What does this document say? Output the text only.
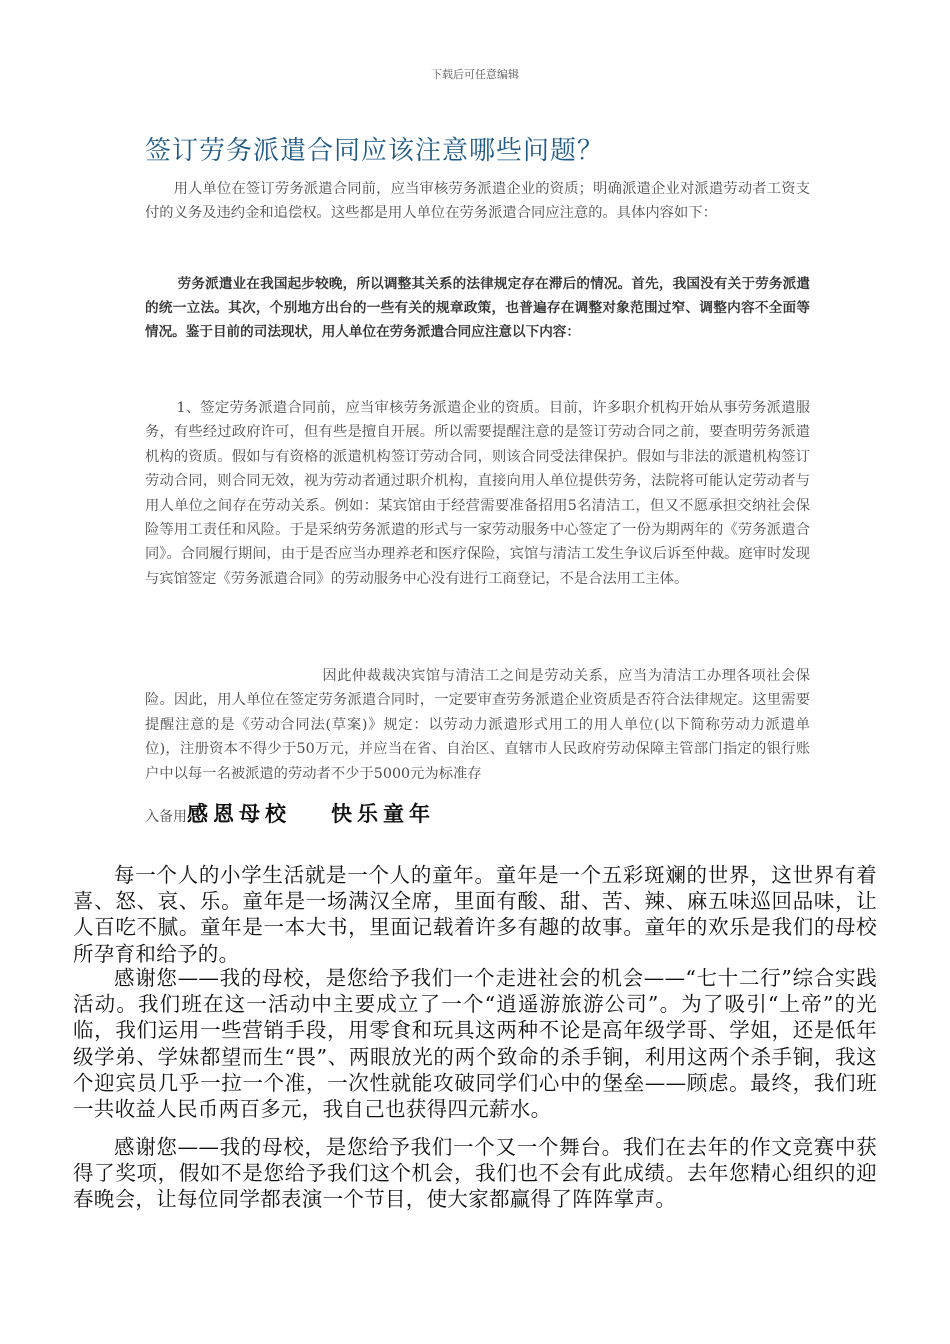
下载后可任意编辑
签订劳务派遣合同应该注意哪些问题？

用人单位在签订劳务派遣合同前，应当审核劳务派遣企业的资质；明确派遣企业对派遣劳动者工资支付的义务及违约金和追偿权。这些都是用人单位在劳务派遣合同应注意的。具体内容如下：

劳务派遣业在我国起步较晚，所以调整其关系的法律规定存在滞后的情况。首先，我国没有关于劳务派遣的统一立法。其次，个别地方出台的一些有关的规章政策，也普遍存在调整对象范围过窄、调整内容不全面等情况。鉴于目前的司法现状，用人单位在劳务派遣合同应注意以下内容：

1、签定劳务派遣合同前，应当审核劳务派遣企业的资质。目前，许多职介机构开始从事劳务派遣服务，有些经过政府许可，但有些是擅自开展。所以需要提醒注意的是签订劳动合同之前，要查明劳务派遣机构的资质。假如与有资格的派遣机构签订劳动合同，则该合同受法律保护。假如与非法的派遣机构签订劳动合同，则合同无效，视为劳动者通过职介机构，直接向用人单位提供劳务，法院将可能认定劳动者与用人单位之间存在劳动关系。例如：某宾馆由于经营需要准备招用5名清洁工，但又不愿承担交纳社会保险等用工责任和风险。于是采纳劳务派遣的形式与一家劳动服务中心签定了一份为期两年的《劳务派遣合同》。合同履行期间，由于是否应当办理养老和医疗保险，宾馆与清洁工发生争议后诉至仲裁。庭审时发现与宾馆签定《劳务派遣合同》的劳动服务中心没有进行工商登记，不是合法用工主体。

因此仲裁裁决宾馆与清洁工之间是劳动关系，应当为清洁工办理各项社会保险。因此，用人单位在签定劳务派遣合同时，一定要审查劳务派遣企业资质是否符合法律规定。这里需要提醒注意的是《劳动合同法(草案)》规定：以劳动力派遣形式用工的用人单位(以下简称劳动力派遣单位)，注册资本不得少于50万元，并应当在省、自治区、直辖市人民政府劳动保障主管部门指定的银行账户中以每一名被派遣的劳动者不少于5000元为标准存

入备用感恩母校 快乐童年

每一个人的小学生活就是一个人的童年。童年是一个五彩斑斓的世界，这世界有着喜、怒、哀、乐。童年是一场满汉全席，里面有酸、甜、苦、辣、麻五味巡回品味，让人百吃不腻。童年是一本大书，里面记载着许多有趣的故事。童年的欢乐是我们的母校所孕育和给予的。

感谢您——我的母校，是您给予我们一个走进社会的机会——“七十二行”综合实践活动。我们班在这一活动中主要成立了一个“逍遥游旅游公司”。为了吸引“上帝”的光临，我们运用一些营销手段，用零食和玩具这两种不论是高年级学哥、学姐，还是低年级学弟、学妹都望而生“畏”、两眼放光的两个致命的杀手锏，利用这两个杀手锏，我这个迎宾员几乎一拉一个准，一次性就能攻破同学们心中的堡垒——顾虑。最终，我们班一共收益人民币两百多元，我自己也获得四元薪水。

感谢您——我的母校，是您给予我们一个又一个舞台。我们在去年的作文竞赛中获得了奖项，假如不是您给予我们这个机会，我们也不会有此成绩。去年您精心组织的迎春晚会，让每位同学都表演一个节目，使大家都赢得了阵阵掌声。
